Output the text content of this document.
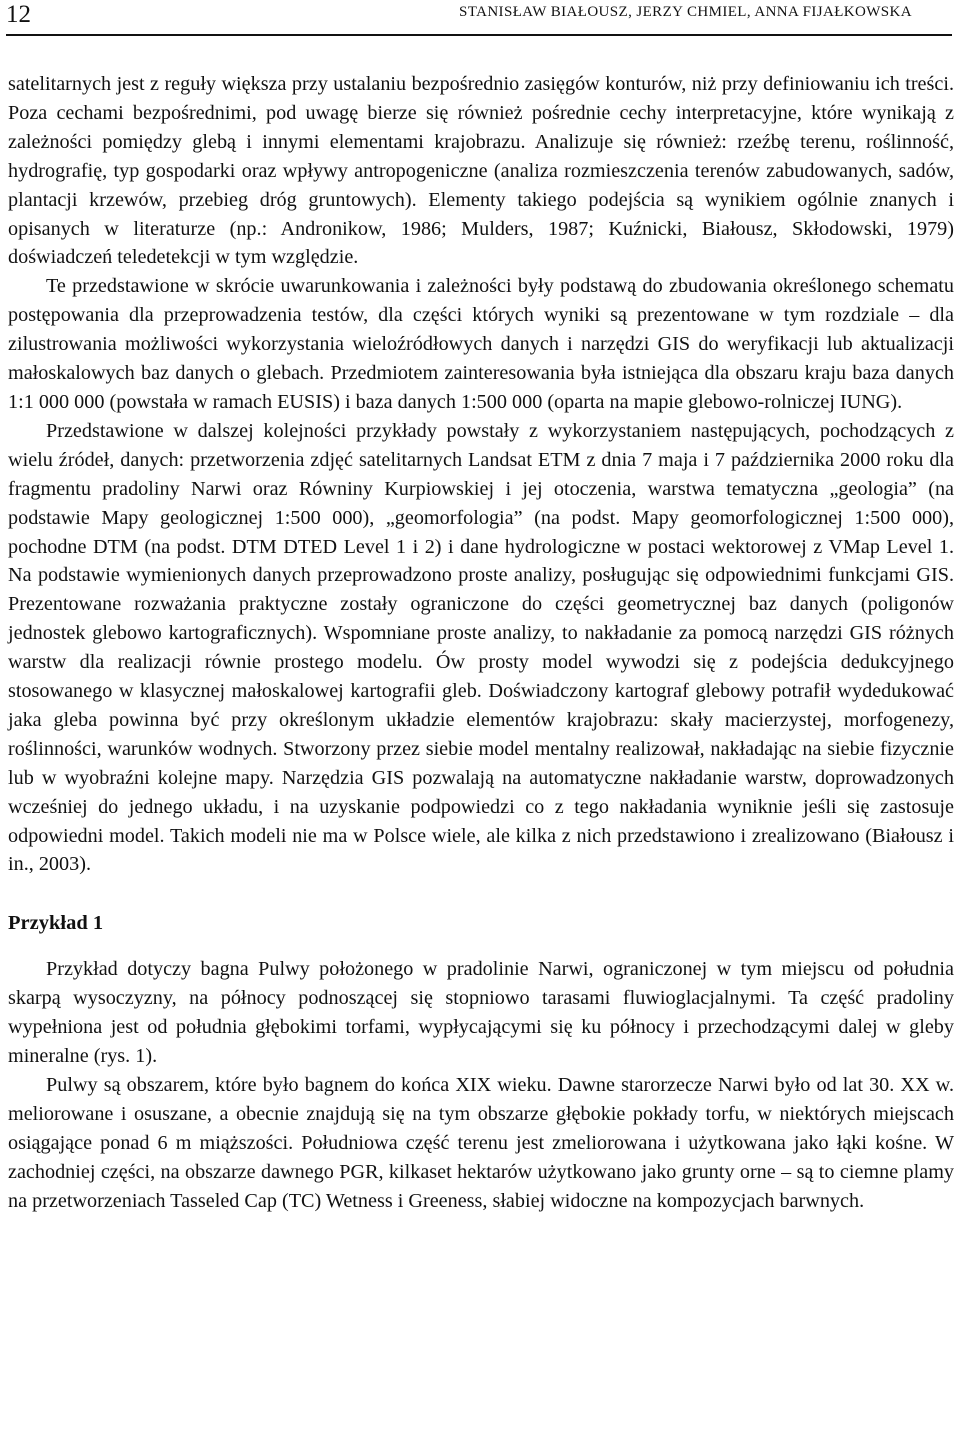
12	STANISŁAW BIAŁOUSZ, JERZY CHMIEL, ANNA FIJAŁKOWSKA

satelitarnych jest z reguły większa przy ustalaniu bezpośrednio zasięgów konturów, niż przy definiowaniu ich treści. Poza cechami bezpośrednimi, pod uwagę bierze się również pośrednie cechy interpretacyjne, które wynikają z zależności pomiędzy glebą i innymi elementami krajobrazu. Analizuje się również: rzeźbę terenu, roślinność, hydrografię, typ gospodarki oraz wpływy antropogeniczne (analiza rozmieszczenia terenów zabudowanych, sadów, plantacji krzewów, przebieg dróg gruntowych). Elementy takiego podejścia są wynikiem ogólnie znanych i opisanych w literaturze (np.: Andronikow, 1986; Mulders, 1987; Kuźnicki, Białousz, Skłodowski, 1979) doświadczeń teledetekcji w tym względzie.

Te przedstawione w skrócie uwarunkowania i zależności były podstawą do zbudowania określonego schematu postępowania dla przeprowadzenia testów, dla części których wyniki są prezentowane w tym rozdziale – dla zilustrowania możliwości wykorzystania wieloźródłowych danych i narzędzi GIS do weryfikacji lub aktualizacji małoskalowych baz danych o glebach. Przedmiotem zainteresowania była istniejąca dla obszaru kraju baza danych 1:1 000 000 (powstała w ramach EUSIS) i baza danych 1:500 000 (oparta na mapie glebowo-rolniczej IUNG).

Przedstawione w dalszej kolejności przykłady powstały z wykorzystaniem następujących, pochodzących z wielu źródeł, danych: przetworzenia zdjęć satelitarnych Landsat ETM z dnia 7 maja i 7 października 2000 roku dla fragmentu pradoliny Narwi oraz Równiny Kurpiowskiej i jej otoczenia, warstwa tematyczna „geologia” (na podstawie Mapy geologicznej 1:500 000), „geomorfologia” (na podst. Mapy geomorfologicznej 1:500 000), pochodne DTM (na podst. DTM DTED Level 1 i 2) i dane hydrologiczne w postaci wektorowej z VMap Level 1. Na podstawie wymienionych danych przeprowadzono proste analizy, posługując się odpowiednimi funkcjami GIS. Prezentowane rozważania praktyczne zostały ograniczone do części geometrycznej baz danych (poligonów jednostek glebowo kartograficznych). Wspomniane proste analizy, to nakładanie za pomocą narzędzi GIS różnych warstw dla realizacji równie prostego modelu. Ów prosty model wywodzi się z podejścia dedukcyjnego stosowanego w klasycznej małoskalowej kartografii gleb. Doświadczony kartograf glebowy potrafił wydedukować jaka gleba powinna być przy określonym układzie elementów krajobrazu: skały macierzystej, morfogenezy, roślinności, warunków wodnych. Stworzony przez siebie model mentalny realizował, nakładając na siebie fizycznie lub w wyobraźni kolejne mapy. Narzędzia GIS pozwalają na automatyczne nakładanie warstw, doprowadzonych wcześniej do jednego układu, i na uzyskanie podpowiedzi co z tego nakładania wyniknie jeśli się zastosuje odpowiedni model. Takich modeli nie ma w Polsce wiele, ale kilka z nich przedstawiono i zrealizowano (Białousz i in., 2003).

Przykład 1

Przykład dotyczy bagna Pulwy położonego w pradolinie Narwi, ograniczonej w tym miejscu od południa skarpą wysoczyzny, na północy podnoszącej się stopniowo tarasami fluwioglacjalnymi. Ta część pradoliny wypełniona jest od południa głębokimi torfami, wypłycającymi się ku północy i przechodzącymi dalej w gleby mineralne (rys. 1).

Pulwy są obszarem, które było bagnem do końca XIX wieku. Dawne starorzecze Narwi było od lat 30. XX w. meliorowane i osuszane, a obecnie znajdują się na tym obszarze głębokie pokłady torfu, w niektórych miejscach osiągające ponad 6 m miąższości. Południowa część terenu jest zmeliorowana i użytkowana jako łąki kośne. W zachodniej części, na obszarze dawnego PGR, kilkaset hektarów użytkowano jako grunty orne – są to ciemne plamy na przetworzeniach Tasseled Cap (TC) Wetness i Greeness, słabiej widoczne na kompozycjach barwnych.
